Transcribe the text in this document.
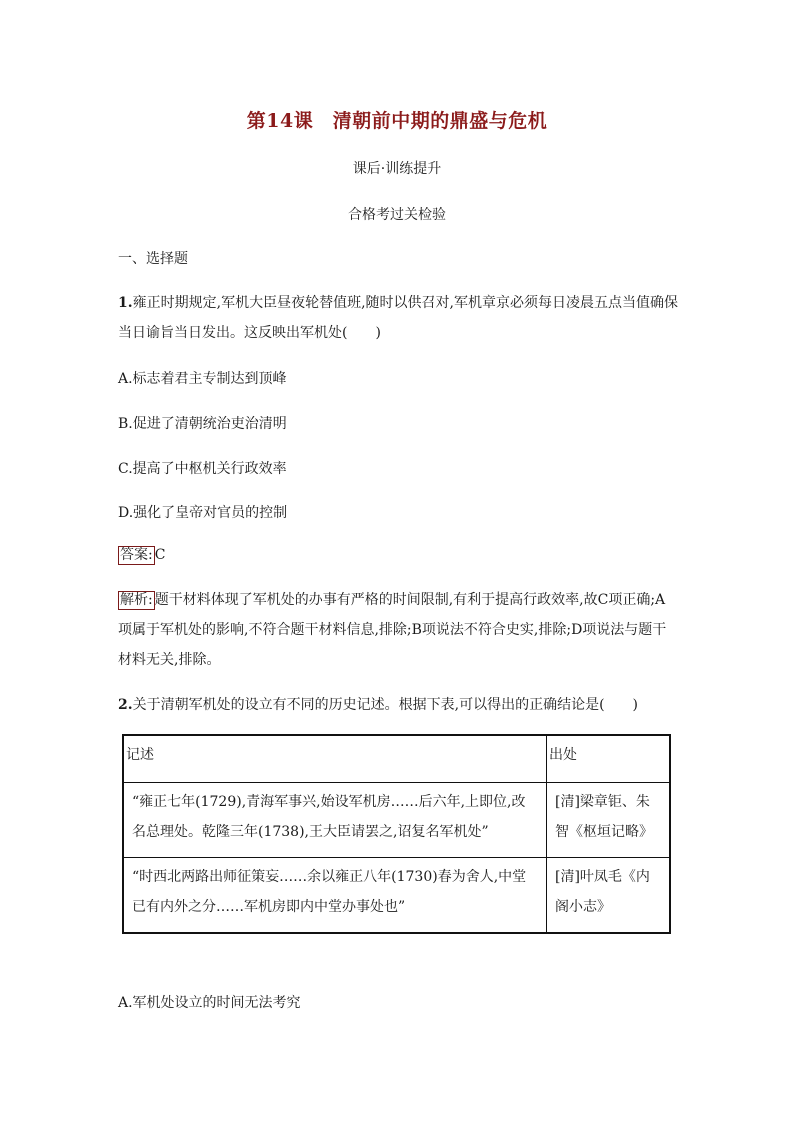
第14课　清朝前中期的鼎盛与危机
课后·训练提升
合格考过关检验
一、选择题
1.雍正时期规定,军机大臣昼夜轮替值班,随时以供召对,军机章京必须每日凌晨五点当值确保当日谕旨当日发出。这反映出军机处(　　)
A.标志着君主专制达到顶峰
B.促进了清朝统治吏治清明
C.提高了中枢机关行政效率
D.强化了皇帝对官员的控制
答案: C
解析: 题干材料体现了军机处的办事有严格的时间限制,有利于提高行政效率,故C项正确;A项属于军机处的影响,不符合题干材料信息,排除;B项说法不符合史实,排除;D项说法与题干材料无关,排除。
2.关于清朝军机处的设立有不同的历史记述。根据下表,可以得出的正确结论是(　　)
记述	出处
“雍正七年(1729),青海军事兴,始设军机房……后六年,上即位,改名总理处。乾隆三年(1738),王大臣请罢之,诏复名军机处”	[清]梁章钜、朱智《枢垣记略》
“时西北两路出师征策妄……余以雍正八年(1730)春为舍人,中堂已有内外之分……军机房即内中堂办事处也”	[清]叶凤毛《内阁小志》
A.军机处设立的时间无法考究
